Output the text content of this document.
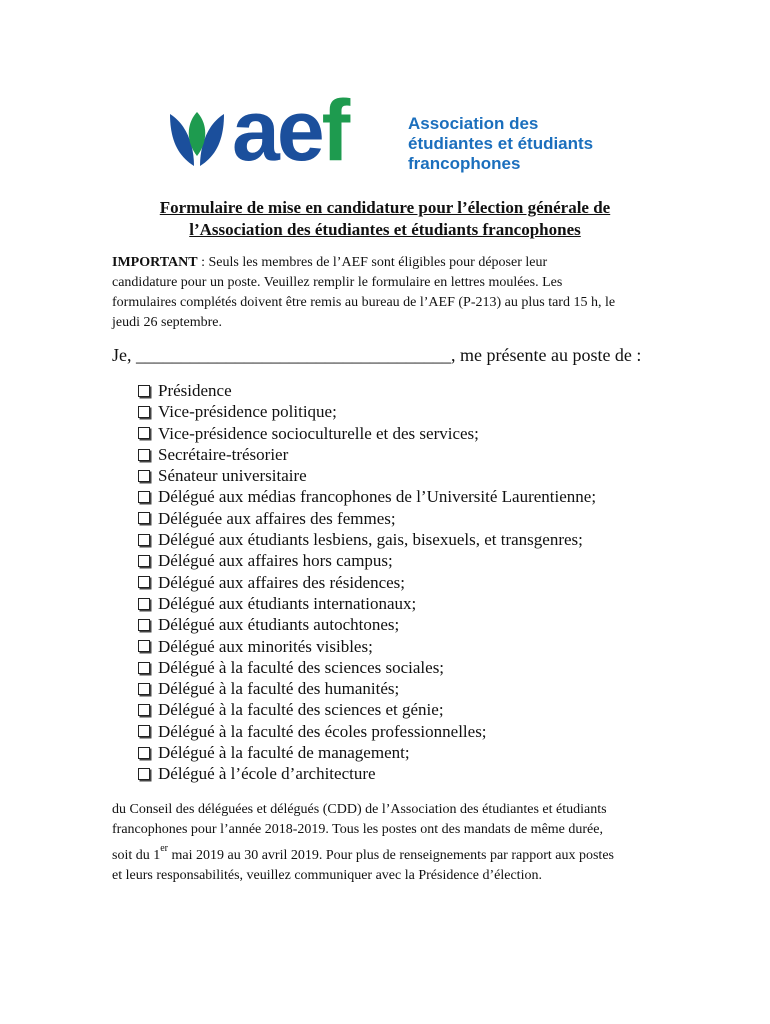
aef	Association des
étudiantes et étudiants
francophones
Formulaire de mise en candidature pour l’élection générale de
l’Association des étudiantes et étudiants francophones
IMPORTANT : Seuls les membres de l’AEF sont éligibles pour déposer leur
candidature pour un poste. Veuillez remplir le formulaire en lettres moulées. Les
formulaires complétés doivent être remis au bureau de l’AEF (P-213) au plus tard 15 h, le
jeudi 26 septembre.
Je, ___________________________________, me présente au poste de :
Présidence
Vice-présidence politique;
Vice-présidence socioculturelle et des services;
Secrétaire-trésorier
Sénateur universitaire
Délégué aux médias francophones de l’Université Laurentienne;
Déléguée aux affaires des femmes;
Délégué aux étudiants lesbiens, gais, bisexuels, et transgenres;
Délégué aux affaires hors campus;
Délégué aux affaires des résidences;
Délégué aux étudiants internationaux;
Délégué aux étudiants autochtones;
Délégué aux minorités visibles;
Délégué à la faculté des sciences sociales;
Délégué à la faculté des humanités;
Délégué à la faculté des sciences et génie;
Délégué à la faculté des écoles professionnelles;
Délégué à la faculté de management;
Délégué à l’école d’architecture
du Conseil des déléguées et délégués (CDD) de l’Association des étudiantes et étudiants
francophones pour l’année 2018-2019. Tous les postes ont des mandats de même durée,
soit du 1er mai 2019 au 30 avril 2019. Pour plus de renseignements par rapport aux postes
et leurs responsabilités, veuillez communiquer avec la Présidence d’élection.
